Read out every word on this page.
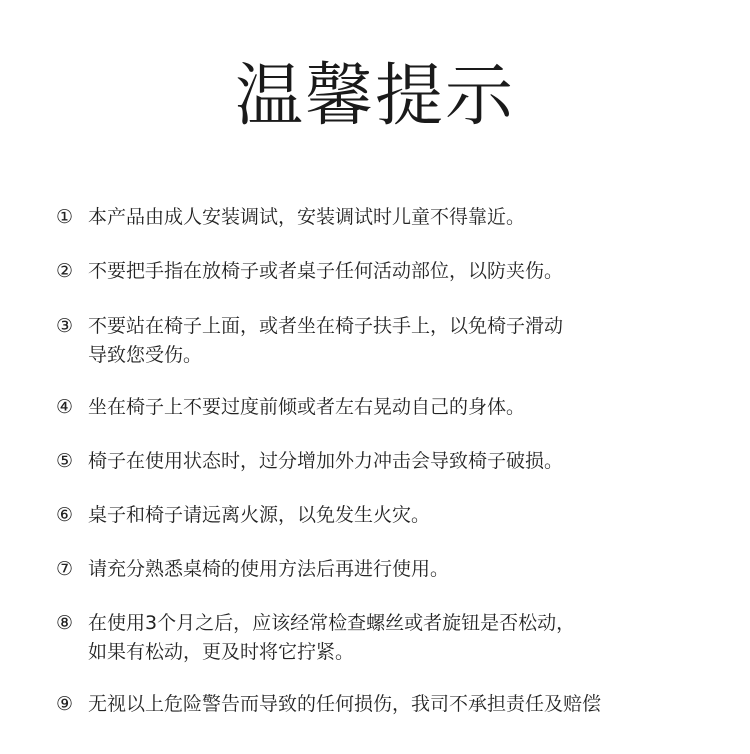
温馨提示
① 本产品由成人安装调试，安装调试时儿童不得靠近。
② 不要把手指在放椅子或者桌子任何活动部位，以防夹伤。
③ 不要站在椅子上面，或者坐在椅子扶手上，以免椅子滑动
导致您受伤。
④ 坐在椅子上不要过度前倾或者左右晃动自己的身体。
⑤ 椅子在使用状态时，过分增加外力冲击会导致椅子破损。
⑥ 桌子和椅子请远离火源，以免发生火灾。
⑦ 请充分熟悉桌椅的使用方法后再进行使用。
⑧ 在使用3个月之后，应该经常检查螺丝或者旋钮是否松动，
如果有松动，更及时将它拧紧。
⑨ 无视以上危险警告而导致的任何损伤，我司不承担责任及赔偿
